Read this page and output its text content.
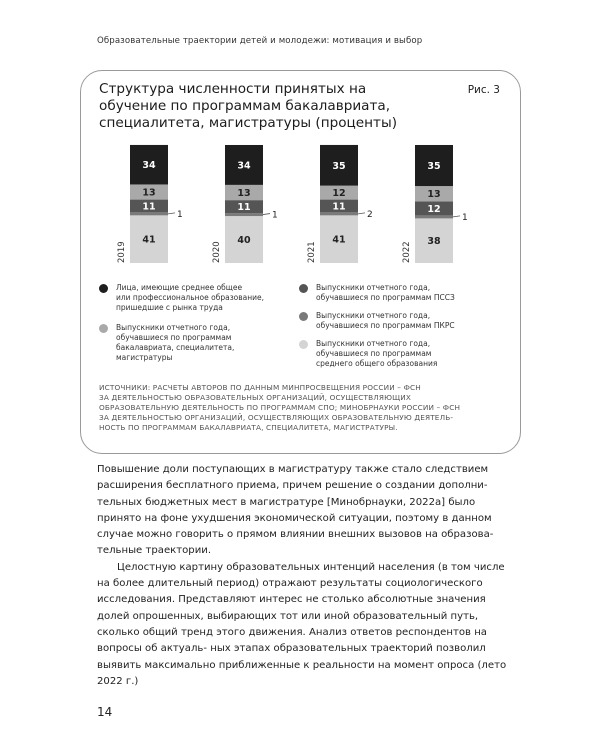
Образовательные траектории детей и молодежи: мотивация и выбор
Структура численности принятых на обучение по программам бакалавриата, специалитета, магистратуры (проценты)
Рис. 3
41
1
11
13
34
2019
40
1
11
13
34
2020
41
2
11
12
35
2021	38
1
12
13
35
2022
Лица, имеющие среднее общее
или профессиональное образование,
пришедшие с рынка труда
Выпускники отчетного года,
обучавшиеся по программам
бакалавриата, специалитета,
магистратуры
Выпускники отчетного года,
обучавшиеся по программам ПССЗ
Выпускники отчетного года,
обучавшиеся по программам ПКРС
Выпускники отчетного года,
обучавшиеся по программам
среднего общего образования
ИСТОЧНИКИ: РАСЧЕТЫ АВТОРОВ ПО ДАННЫМ МИНПРОСВЕЩЕНИЯ РОССИИ – ФСН
ЗА ДЕЯТЕЛЬНОСТЬЮ ОБРАЗОВАТЕЛЬНЫХ ОРГАНИЗАЦИЙ, ОСУЩЕСТВЛЯЮЩИХ
ОБРАЗОВАТЕЛЬНУЮ ДЕЯТЕЛЬНОСТЬ ПО ПРОГРАММАМ СПО; МИНОБРНАУКИ РОССИИ – ФСН
ЗА ДЕЯТЕЛЬНОСТЬЮ ОРГАНИЗАЦИЙ, ОСУЩЕСТВЛЯЮЩИХ ОБРАЗОВАТЕЛЬНУЮ ДЕЯТЕЛЬ-
НОСТЬ ПО ПРОГРАММАМ БАКАЛАВРИАТА, СПЕЦИАЛИТЕТА, МАГИСТРАТУРЫ.

Повышение доли поступающих в магистратуру также стало следствием расширения бесплатного приема, причем решение о создании дополни- тельных бюджетных мест в магистратуре [Минобрнауки, 2022а] было принято на фоне ухудшения экономической ситуации, поэтому в данном случае можно говорить о прямом влиянии внешних вызовов на образова- тельные траектории.

Целостную картину образовательных интенций населения (в том числе на более длительный период) отражают результаты социологического исследования. Представляют интерес не столько абсолютные значения долей опрошенных, выбирающих тот или иной образовательный путь, сколько общий тренд этого движения. Анализ ответов респондентов на вопросы об актуаль- ных этапах образовательных траекторий позволил выявить максимально приближенные к реальности на момент опроса (лето 2022 г.)

14
